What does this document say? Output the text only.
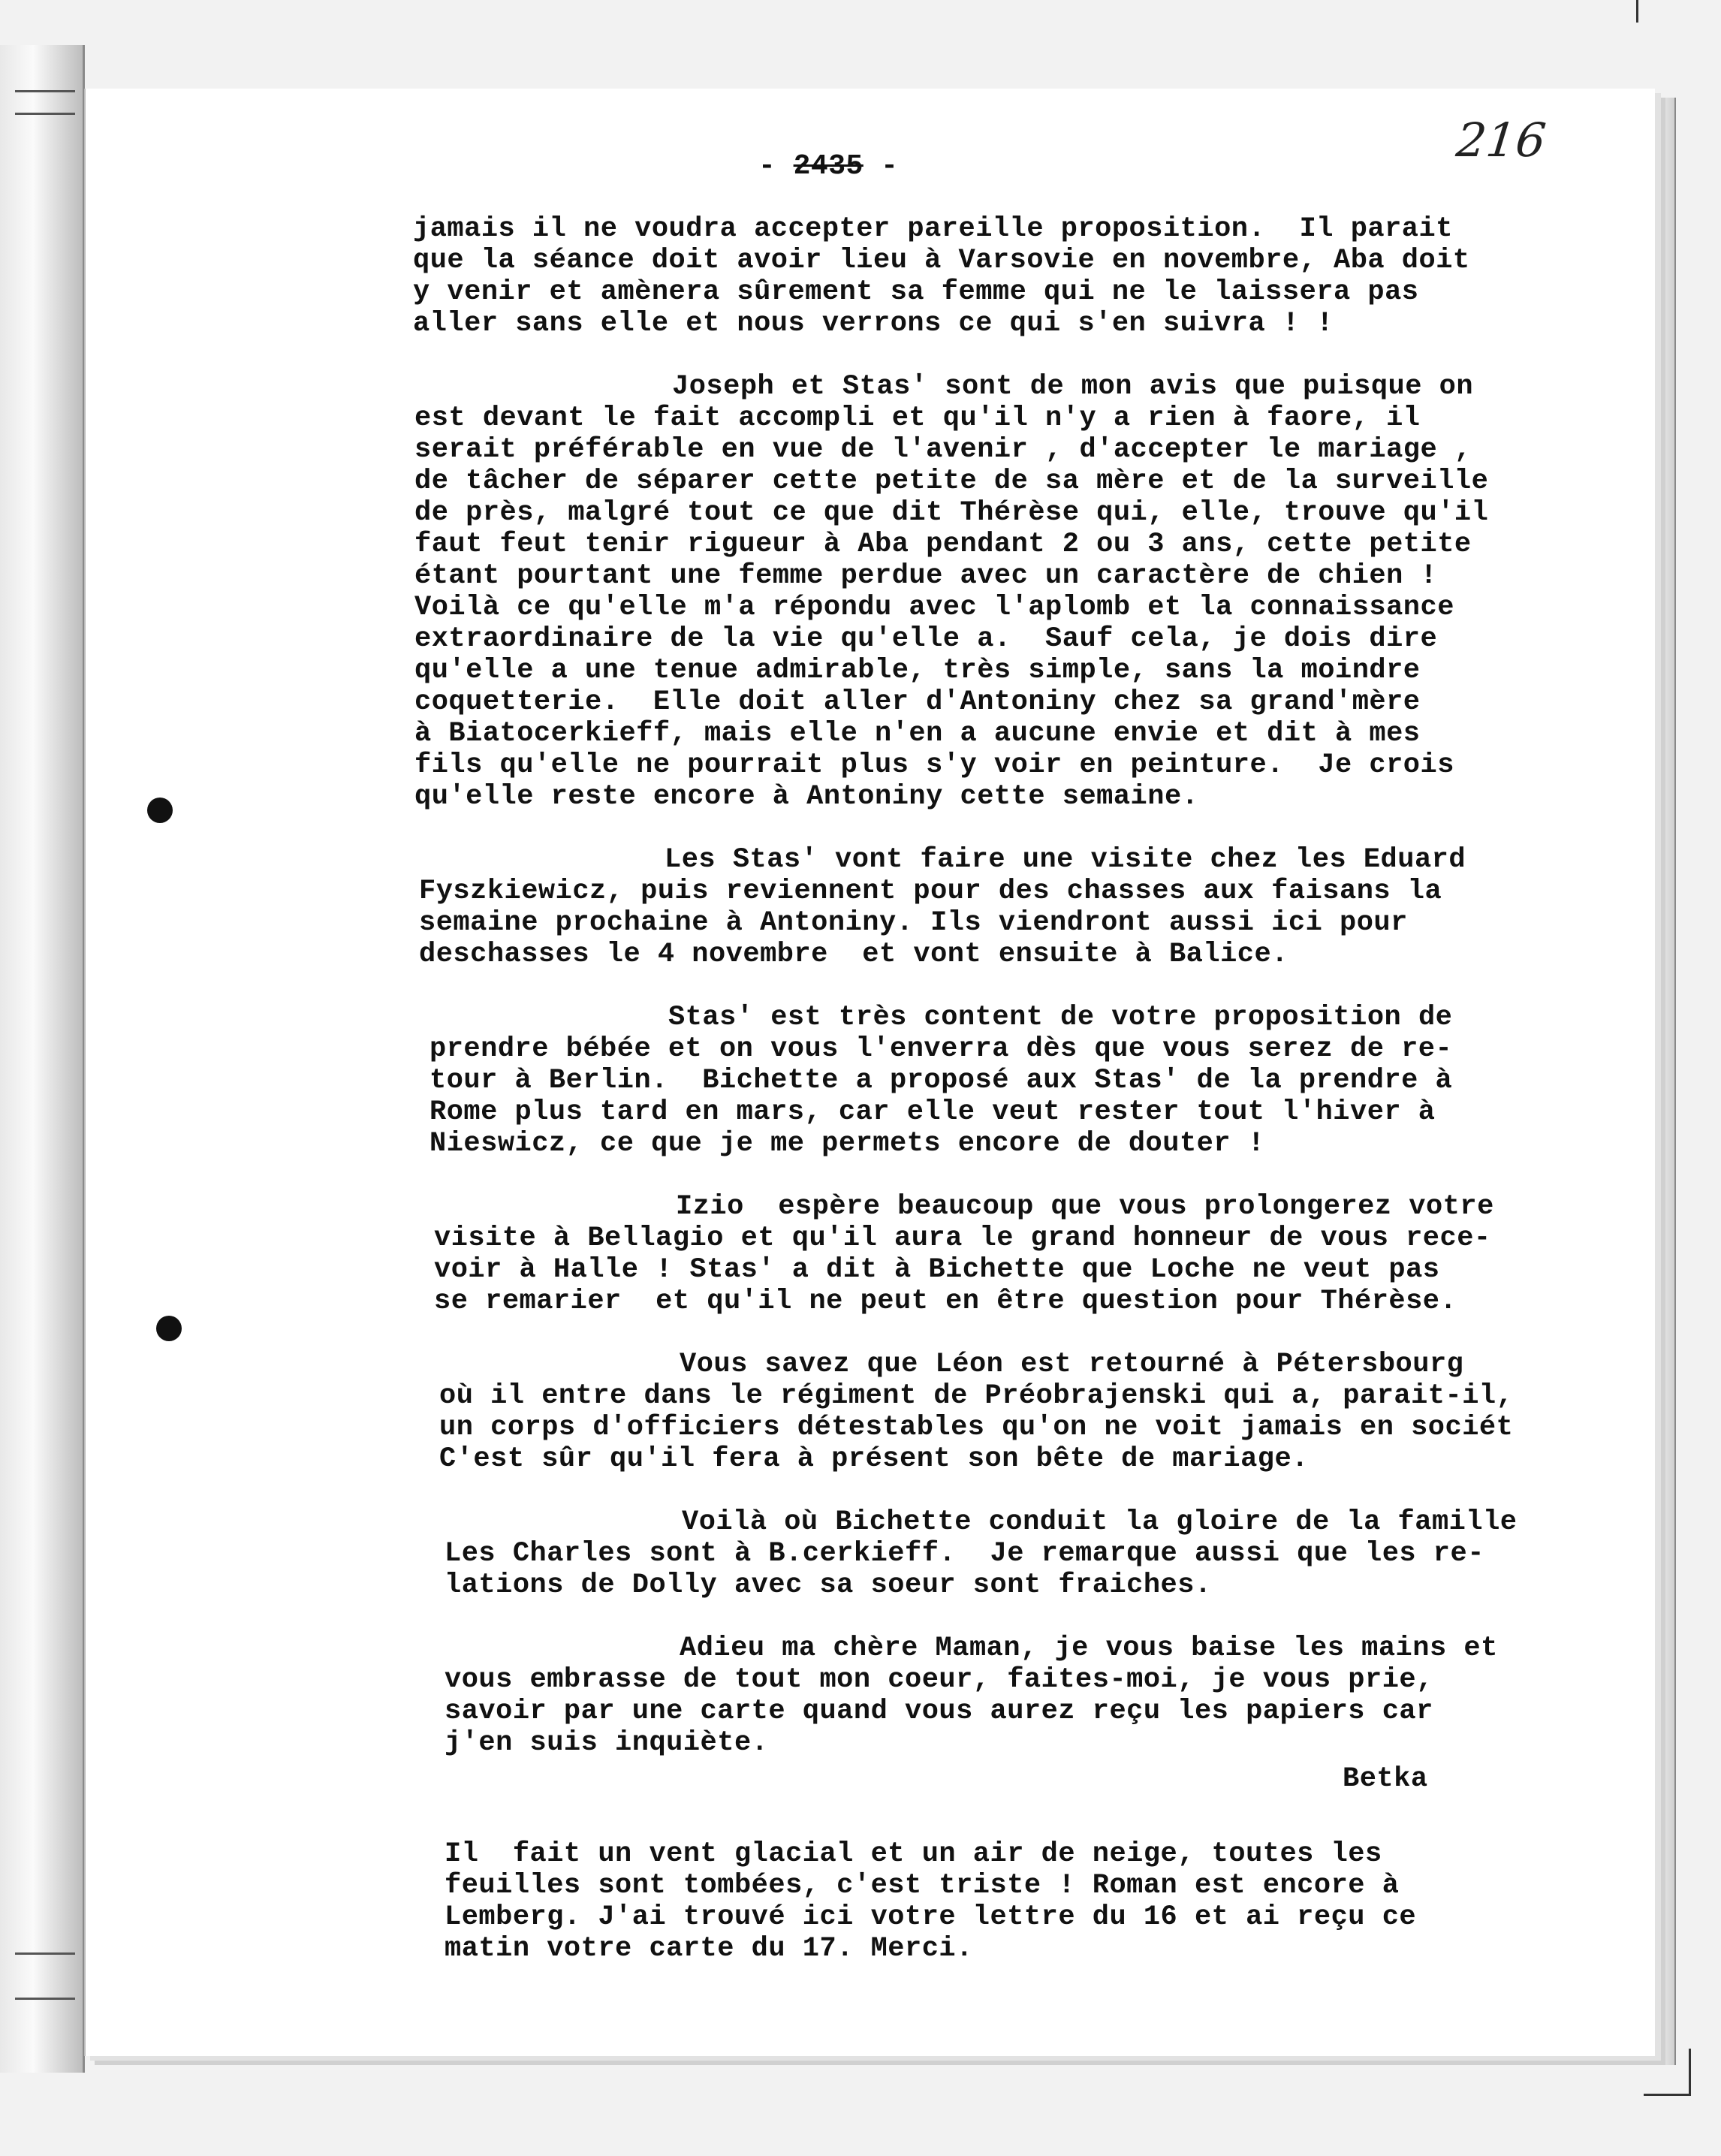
- 2435 -	216
jamais il ne voudra accepter pareille proposition.  Il parait
que la séance doit avoir lieu à Varsovie en novembre, Aba doit
y venir et amènera sûrement sa femme qui ne le laissera pas
aller sans elle et nous verrons ce qui s'en suivra ! !
Joseph et Stas' sont de mon avis que puisque on
est devant le fait accompli et qu'il n'y a rien à faore, il
serait préférable en vue de l'avenir , d'accepter le mariage ,
de tâcher de séparer cette petite de sa mère et de la surveille
de près, malgré tout ce que dit Thérèse qui, elle, trouve qu'il
faut feut tenir rigueur à Aba pendant 2 ou 3 ans, cette petite
étant pourtant une femme perdue avec un caractère de chien !
Voilà ce qu'elle m'a répondu avec l'aplomb et la connaissance
extraordinaire de la vie qu'elle a.  Sauf cela, je dois dire
qu'elle a une tenue admirable, très simple, sans la moindre
coquetterie.  Elle doit aller d'Antoniny chez sa grand'mère
à Biatocerkieff, mais elle n'en a aucune envie et dit à mes
fils qu'elle ne pourrait plus s'y voir en peinture.  Je crois
qu'elle reste encore à Antoniny cette semaine.
Les Stas' vont faire une visite chez les Eduard
Fyszkiewicz, puis reviennent pour des chasses aux faisans la
semaine prochaine à Antoniny. Ils viendront aussi ici pour
deschasses le 4 novembre  et vont ensuite à Balice.
Stas' est très content de votre proposition de
prendre bébée et on vous l'enverra dès que vous serez de re-
tour à Berlin.  Bichette a proposé aux Stas' de la prendre à
Rome plus tard en mars, car elle veut rester tout l'hiver à
Nieswicz, ce que je me permets encore de douter !
Izio  espère beaucoup que vous prolongerez votre
visite à Bellagio et qu'il aura le grand honneur de vous rece-
voir à Halle ! Stas' a dit à Bichette que Loche ne veut pas
se remarier  et qu'il ne peut en être question pour Thérèse.
Vous savez que Léon est retourné à Pétersbourg
où il entre dans le régiment de Préobrajenski qui a, parait-il,
un corps d'officiers détestables qu'on ne voit jamais en sociét
C'est sûr qu'il fera à présent son bête de mariage.
Voilà où Bichette conduit la gloire de la famille
Les Charles sont à B.cerkieff.  Je remarque aussi que les re-
lations de Dolly avec sa soeur sont fraiches.
Adieu ma chère Maman, je vous baise les mains et
vous embrasse de tout mon coeur, faites-moi, je vous prie,
savoir par une carte quand vous aurez reçu les papiers car
j'en suis inquiète.
Betka
Il  fait un vent glacial et un air de neige, toutes les
feuilles sont tombées, c'est triste ! Roman est encore à
Lemberg. J'ai trouvé ici votre lettre du 16 et ai reçu ce
matin votre carte du 17. Merci.
